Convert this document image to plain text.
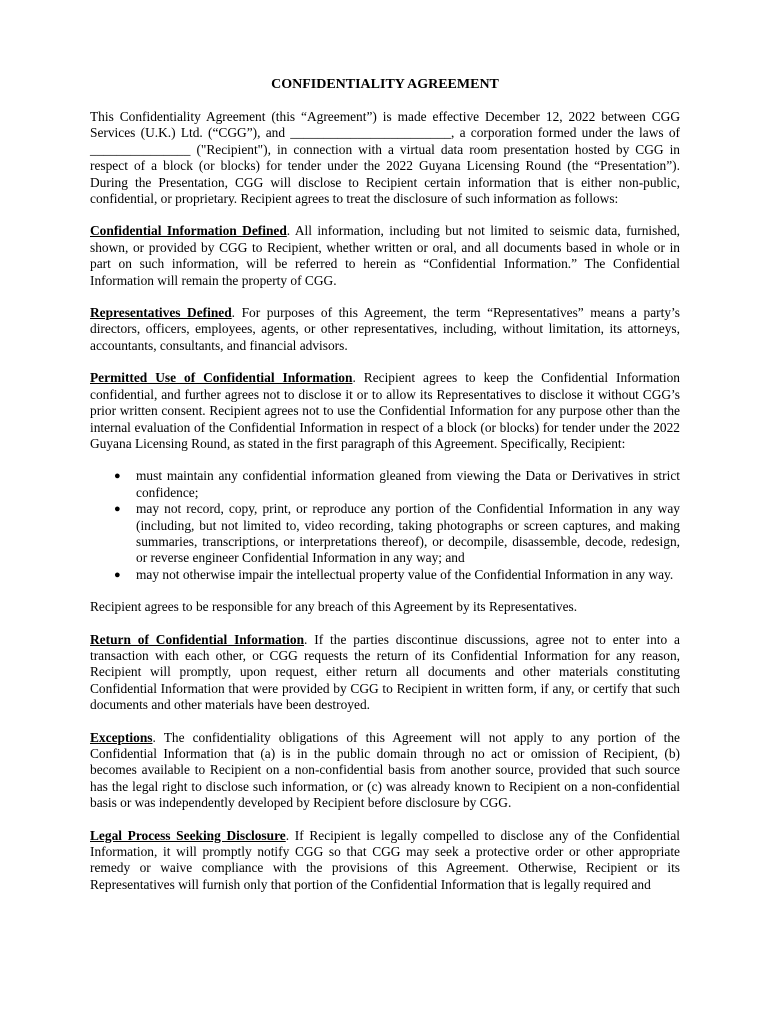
CONFIDENTIALITY AGREEMENT

This Confidentiality Agreement (this “Agreement”) is made effective December 12, 2022 between CGG Services (U.K.) Ltd. (“CGG”), and ________________________, a corporation formed under the laws of _______________ ("Recipient"), in connection with a virtual data room presentation hosted by CGG in respect of a block (or blocks) for tender under the 2022 Guyana Licensing Round (the “Presentation”). During the Presentation, CGG will disclose to Recipient certain information that is either non-public, confidential, or proprietary. Recipient agrees to treat the disclosure of such information as follows:

Confidential Information Defined. All information, including but not limited to seismic data, furnished, shown, or provided by CGG to Recipient, whether written or oral, and all documents based in whole or in part on such information, will be referred to herein as “Confidential Information.” The Confidential Information will remain the property of CGG.

Representatives Defined. For purposes of this Agreement, the term “Representatives” means a party’s directors, officers, employees, agents, or other representatives, including, without limitation, its attorneys, accountants, consultants, and financial advisors.

Permitted Use of Confidential Information. Recipient agrees to keep the Confidential Information confidential, and further agrees not to disclose it or to allow its Representatives to disclose it without CGG’s prior written consent. Recipient agrees not to use the Confidential Information for any purpose other than the internal evaluation of the Confidential Information in respect of a block (or blocks) for tender under the 2022 Guyana Licensing Round, as stated in the first paragraph of this Agreement. Specifically, Recipient:

● must maintain any confidential information gleaned from viewing the Data or Derivatives in strict confidence;
● may not record, copy, print, or reproduce any portion of the Confidential Information in any way (including, but not limited to, video recording, taking photographs or screen captures, and making summaries, transcriptions, or interpretations thereof), or decompile, disassemble, decode, redesign, or reverse engineer Confidential Information in any way; and
● may not otherwise impair the intellectual property value of the Confidential Information in any way.

Recipient agrees to be responsible for any breach of this Agreement by its Representatives.

Return of Confidential Information. If the parties discontinue discussions, agree not to enter into a transaction with each other, or CGG requests the return of its Confidential Information for any reason, Recipient will promptly, upon request, either return all documents and other materials constituting Confidential Information that were provided by CGG to Recipient in written form, if any, or certify that such documents and other materials have been destroyed.

Exceptions. The confidentiality obligations of this Agreement will not apply to any portion of the Confidential Information that (a) is in the public domain through no act or omission of Recipient, (b) becomes available to Recipient on a non-confidential basis from another source, provided that such source has the legal right to disclose such information, or (c) was already known to Recipient on a non-confidential basis or was independently developed by Recipient before disclosure by CGG.

Legal Process Seeking Disclosure. If Recipient is legally compelled to disclose any of the Confidential Information, it will promptly notify CGG so that CGG may seek a protective order or other appropriate remedy or waive compliance with the provisions of this Agreement. Otherwise, Recipient or its Representatives will furnish only that portion of the Confidential Information that is legally required and
